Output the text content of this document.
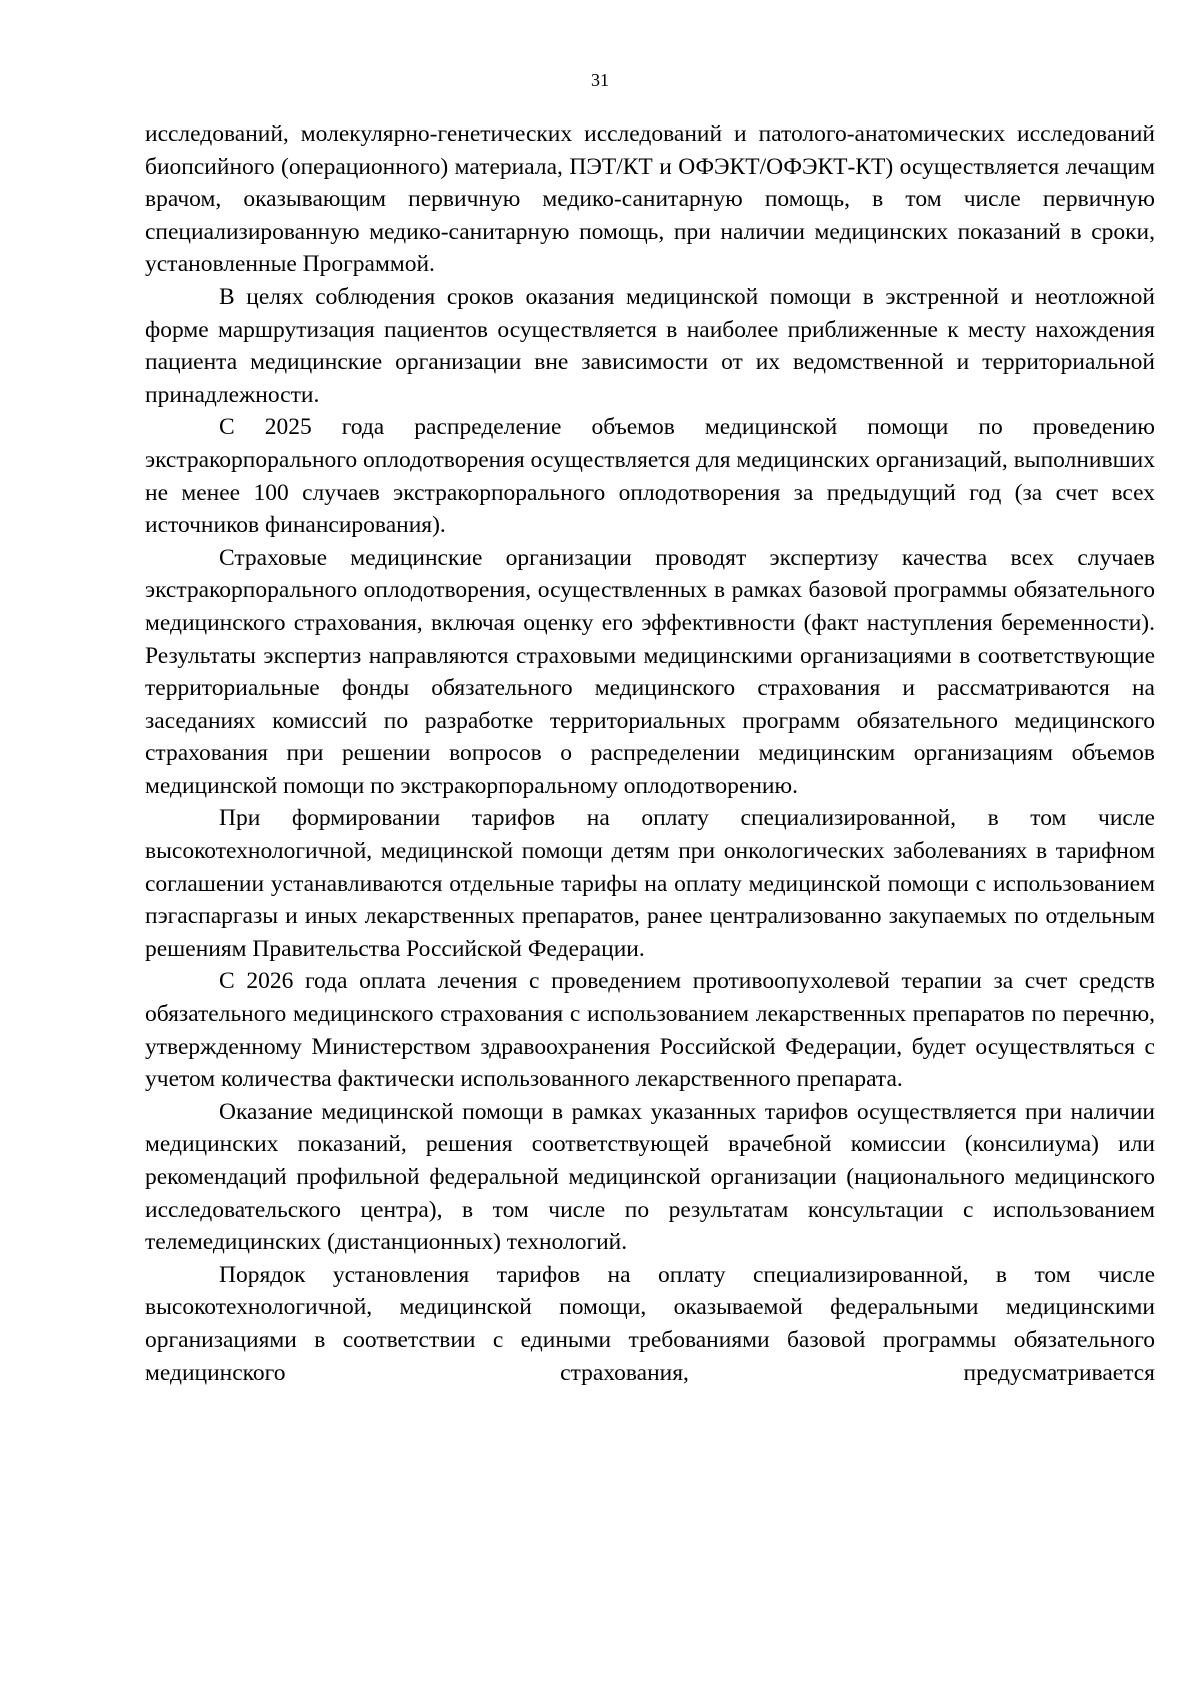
31

исследований, молекулярно-генетических исследований и патолого-анатомических исследований биопсийного (операционного) материала, ПЭТ/КТ и ОФЭКТ/ОФЭКТ-КТ) осуществляется лечащим врачом, оказывающим первичную медико-санитарную помощь, в том числе первичную специализированную медико-санитарную помощь, при наличии медицинских показаний в сроки, установленные Программой.

В целях соблюдения сроков оказания медицинской помощи в экстренной и неотложной форме маршрутизация пациентов осуществляется в наиболее приближенные к месту нахождения пациента медицинские организации вне зависимости от их ведомственной и территориальной принадлежности.

С 2025 года распределение объемов медицинской помощи по проведению экстракорпорального оплодотворения осуществляется для медицинских организаций, выполнивших не менее 100 случаев экстракорпорального оплодотворения за предыдущий год (за счет всех источников финансирования).

Страховые медицинские организации проводят экспертизу качества всех случаев экстракорпорального оплодотворения, осуществленных в рамках базовой программы обязательного медицинского страхования, включая оценку его эффективности (факт наступления беременности). Результаты экспертиз направляются страховыми медицинскими организациями в соответствующие территориальные фонды обязательного медицинского страхования и рассматриваются на заседаниях комиссий по разработке территориальных программ обязательного медицинского страхования при решении вопросов о распределении медицинским организациям объемов медицинской помощи по экстракорпоральному оплодотворению.

При формировании тарифов на оплату специализированной, в том числе высокотехнологичной, медицинской помощи детям при онкологических заболеваниях в тарифном соглашении устанавливаются отдельные тарифы на оплату медицинской помощи с использованием пэгаспаргазы и иных лекарственных препаратов, ранее централизованно закупаемых по отдельным решениям Правительства Российской Федерации.

С 2026 года оплата лечения с проведением противоопухолевой терапии за счет средств обязательного медицинского страхования с использованием лекарственных препаратов по перечню, утвержденному Министерством здравоохранения Российской Федерации, будет осуществляться с учетом количества фактически использованного лекарственного препарата.

Оказание медицинской помощи в рамках указанных тарифов осуществляется при наличии медицинских показаний, решения соответствующей врачебной комиссии (консилиума) или рекомендаций профильной федеральной медицинской организации (национального медицинского исследовательского центра), в том числе по результатам консультации с использованием телемедицинских (дистанционных) технологий.

Порядок установления тарифов на оплату специализированной, в том числе высокотехнологичной, медицинской помощи, оказываемой федеральными медицинскими организациями в соответствии с едиными требованиями базовой программы обязательного медицинского страхования, предусматривается
